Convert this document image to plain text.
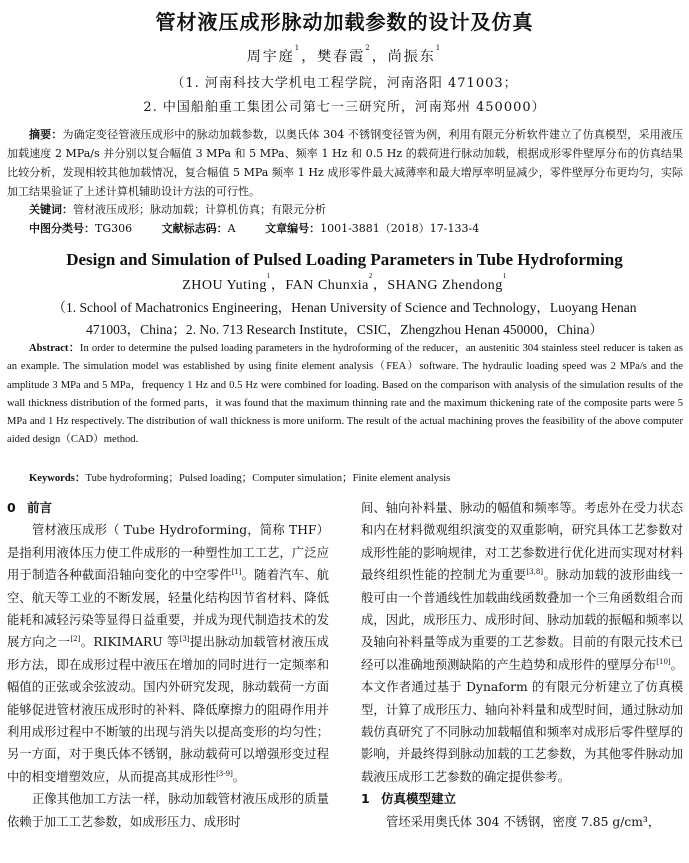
管材液压成形脉动加载参数的设计及仿真
周宇庭$^1$，樊春霞$^2$，尚振东$^1$
（1. 河南科技大学机电工程学院，河南洛阳 471003；
2. 中国船舶重工集团公司第七一三研究所，河南郑州 450000）
摘要：为确定变径管液压成形中的脉动加载参数，以奥氏体 304 不锈钢变径管为例，利用有限元分析软件建立了仿真模型，采用液压加载速度 2 MPa/s 并分别以复合幅值 3 MPa 和 5 MPa、频率 1 Hz 和 0.5 Hz 的载荷进行脉动加载，根据成形零件壁厚分布的仿真结果比较分析，发现相较其他加载情况，复合幅值 5 MPa 频率 1 Hz 成形零件最大减薄率和最大增厚率明显减少，零件壁厚分布更均匀，实际加工结果验证了上述计算机辅助设计方法的可行性。
关键词：管材液压成形；脉动加载；计算机仿真；有限元分析
中图分类号：TG306	文献标志码：A	文章编号：1001-3881（2018）17-133-4
Design and Simulation of Pulsed Loading Parameters in Tube Hydroforming
ZHOU Yuting$^1$，FAN Chunxia$^2$，SHANG Zhendong$^1$
（1. School of Machatronics Engineering，Henan University of Science and Technology，Luoyang Henan
471003，China；2. No. 713 Research Institute，CSIC，Zhengzhou Henan 450000，China）
Abstract：In order to determine the pulsed loading parameters in the hydroforming of the reducer，an austenitic 304 stainless steel reducer is taken as an example. The simulation model was established by using finite element analysis（FEA）software. The hydraulic loading speed was 2 MPa/s and the amplitude 3 MPa and 5 MPa，frequency 1 Hz and 0.5 Hz were combined for loading. Based on the comparison with analysis of the simulation results of the wall thickness distribution of the formed parts，it was found that the maximum thinning rate and the maximum thickening rate of the composite parts were 5 MPa and 1 Hz respectively. The distribution of wall thickness is more uniform. The result of the actual machining proves the feasibility of the above computer aided design（CAD）method.
Keywords：Tube hydroforming；Pulsed loading；Computer simulation；Finite element analysis
0 前言

管材液压成形（ Tube Hydroforming，简称 THF）是指利用液体压力使工件成形的一种塑性加工工艺，广泛应用于制造各种截面沿轴向变化的中空零件[1]。随着汽车、航空、航天等工业的不断发展，轻量化结构因节省材料、降低能耗和减轻污染等显得日益重要，并成为现代制造技术的发展方向之一[2]。RIKIMARU 等[3]提出脉动加载管材液压成形方法，即在成形过程中液压在增加的同时进行一定频率和幅值的正弦或余弦波动。国内外研究发现，脉动载荷一方面能够促进管材液压成形时的补料、降低摩擦力的阻碍作用并利用成形过程中不断皱的出现与消失以提高变形的均匀性；另一方面，对于奥氏体不锈钢，脉动载荷可以增强形变过程中的相变增塑效应，从而提高其成形性[3-9]。

正像其他加工方法一样，脉动加载管材液压成形的质量依赖于加工工艺参数，如成形压力、成形时

间、轴向补料量、脉动的幅值和频率等。考虑外在受力状态和内在材料微观组织演变的双重影响，研究具体工艺参数对成形性能的影响规律，对工艺参数进行优化进而实现对材料最终组织性能的控制尤为重要[3,8]。脉动加载的波形曲线一般可由一个普通线性加载曲线函数叠加一个三角函数组合而成，因此，成形压力、成形时间、脉动加载的振幅和频率以及轴向补料量等成为重要的工艺参数。目前的有限元技术已经可以准确地预测缺陷的产生趋势和成形件的壁厚分布[10]。本文作者通过基于 Dynaform 的有限元分析建立了仿真模型，计算了成形压力、轴向补料量和成型时间，通过脉动加载仿真研究了不同脉动加载幅值和频率对成形后零件壁厚的影响，并最终得到脉动加载的工艺参数，为其他零件脉动加载液压成形工艺参数的确定提供参考。

1 仿真模型建立

管坯采用奥氏体 304 不锈钢，密度 7.85 g/cm³，
